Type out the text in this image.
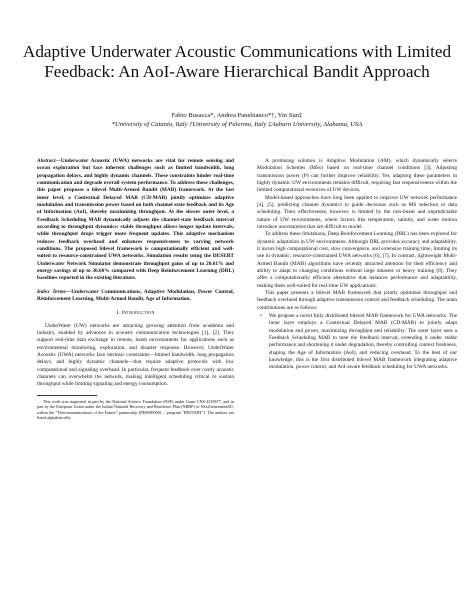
Adaptive Underwater Acoustic Communications with Limited Feedback: An AoI-Aware Hierarchical Bandit Approach
Fabio Busacca*, Andrea Panebianco*†, Yin Sun‡
*University of Catania, Italy †University of Palermo, Italy ‡Auburn University, Alabama, USA

Abstract—Underwater Acoustic (UWA) networks are vital for remote sensing and ocean exploration but face inherent challenges such as limited bandwidth, long propagation delays, and highly dynamic channels. These constraints hinder real-time communication and degrade overall system performance. To address these challenges, this paper proposes a bilevel Multi-Armed Bandit (MAB) framework. At the fast inner level, a Contextual Delayed MAB (CD-MAB) jointly optimizes adaptive modulation and transmission power based on both channel state feedback and its Age of Information (AoI), thereby maximizing throughput. At the slower outer level, a Feedback Scheduling MAB dynamically adjusts the channel-state feedback interval according to throughput dynamics: stable throughput allows longer update intervals, while throughput drops trigger more frequent updates. This adaptive mechanism reduces feedback overhead and enhances responsiveness to varying network conditions. The proposed bilevel framework is computationally efficient and well-suited to resource-constrained UWA networks. Simulation results using the DESERT Underwater Network Simulator demonstrate throughput gains of up to 20.61% and energy savings of up to 36.60% compared with Deep Reinforcement Learning (DRL) baselines reported in the existing literature.

Index Terms—Underwater Communications, Adaptive Modulation, Power Control, Reinforcement Learning, Multi-Armed Bandit, Age of Information.

I. Introduction

UnderWater (UW) networks are attracting growing attention from academia and industry, enabled by advances in acoustic communication technologies [1], [2]. They support real-time data exchange in remote, harsh environments for applications such as environmental monitoring, exploration, and disaster response. However, UnderWater Acoustic (UWA) networks face intrinsic constraints—limited bandwidth, long propagation delays, and highly dynamic channels—that require adaptive protocols with low computational and signaling overhead. In particular, frequent feedback over costly acoustic channels can overwhelm the network, making intelligent scheduling critical to sustain throughput while limiting signaling and energy consumption.

This work was supported in part by the National Science Foundation (NSF) under Grant CNS-2239677, and in part by the European Union under the Italian National Recovery and Resilience Plan (NRRP) of NextGenerationEU, within the "Telecommunications of the Future" partnership (PE00000001 – program "RESTART"). The authors are listed alphabetically.

A promising solution is Adaptive Modulation (AM), which dynamically selects Modulation Schemes (MSs) based on real-time channel conditions [3]. Adjusting transmission power (P) can further improve reliability. Yet, adapting these parameters in highly dynamic UW environments remains difficult, requiring fast responsiveness within the limited computational resources of UW devices.

Model-based approaches have long been applied to improve UW network performance [4], [5], predicting channel dynamics to guide decisions such as MS selection or data scheduling. Their effectiveness, however, is limited by the non-linear and unpredictable nature of UW environments, where factors like temperature, salinity, and water motion introduce uncertainties that are difficult to model.

To address these limitations, Deep Reinforcement Learning (DRL) has been explored for dynamic adaptation in UW environments. Although DRL provides accuracy and adaptability, it incurs high computational cost, slow convergence, and extensive training time, limiting its use in dynamic, resource-constrained UWA networks [6], [7]. In contrast, lightweight Multi-Armed Bandit (MAB) algorithms have recently attracted attention for their efficiency and ability to adapt to changing conditions without large datasets or heavy training [8]. They offer a computationally efficient alternative that balances performance and adaptability, making them well-suited for real-time UW applications.

This paper presents a bilevel MAB framework that jointly optimizes throughput and feedback overhead through adaptive transmission control and feedback scheduling. The main contributions are as follows:

• We propose a novel fully distributed bilevel MAB framework for UWA networks. The inner layer employs a Contextual Delayed MAB (CD-MAB) to jointly adapt modulation and power, maximizing throughput and reliability. The outer layer uses a Feedback Scheduling MAB to tune the feedback interval, extending it under stable performance and shortening it under degradation, thereby controlling context freshness, shaping the Age of Information (AoI), and reducing overhead. To the best of our knowledge, this is the first distributed bilevel MAB framework integrating adaptive modulation, power control, and AoI-aware feedback scheduling for UWA networks.
